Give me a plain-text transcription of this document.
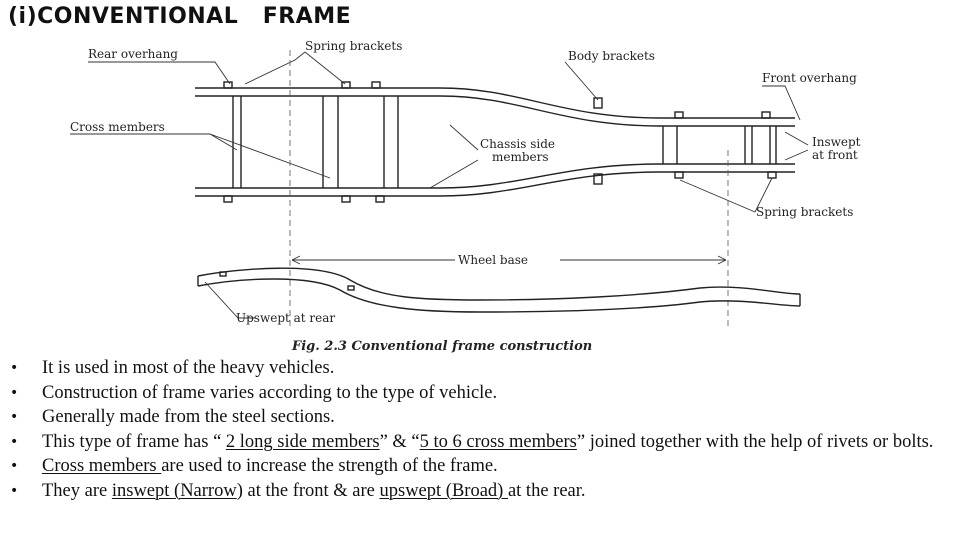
(i)CONVENTIONAL   FRAME
Rear overhang
Spring brackets
Body brackets
Front overhang
Cross members
Chassis side
members
Inswept
at front
Spring brackets
Wheel base
Upswept at rear
Fig. 2.3 Conventional frame construction
• It is used in most of the heavy vehicles.
• Construction of frame varies according to the type of vehicle.
• Generally made from the steel sections.
• This type of frame has “ 2 long side members” & “5 to 6 cross members” joined together with the help of rivets or bolts.
• Cross members are used to increase the strength of the frame.
• They are inswept (Narrow) at the front & are upswept (Broad) at the rear.
